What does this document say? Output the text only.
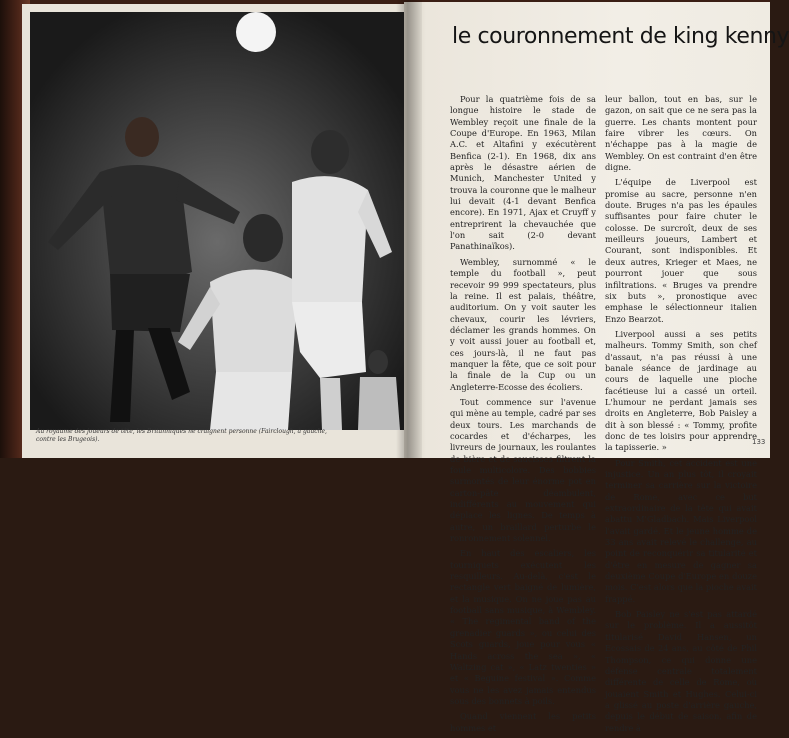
Au royaume des joueurs de tête, les Britanniques ne craignent personne (Fairclough, à gauche, contre les Brugeois).
le couronnement de king kenny

Pour la quatrième fois de sa longue histoire le stade de Wembley reçoit une finale de la Coupe d'Europe. En 1963, Milan A.C. et Altafini y exécutèrent Benfica (2-1). En 1968, dix ans après le désastre aérien de Munich, Manchester United y trouva la couronne que le malheur lui devait (4-1 devant Benfica encore). En 1971, Ajax et Cruyff y entreprirent la chevauchée que l'on sait (2-0 devant Panathinaïkos).

Wembley, surnommé « le temple du football », peut recevoir 99 999 spectateurs, plus la reine. Il est palais, théâtre, auditorium. On y voit sauter les chevaux, courir les lévriers, déclamer les grands hommes. On y voit aussi jouer au football et, ces jours-là, il ne faut pas manquer la fête, que ce soit pour la finale de la Cup ou un Angleterre-Ecosse des écoliers.

Tout commence sur l'avenue qui mène au temple, cadré par ses deux tours. Les marchands de cocardes et d'écharpes, les livreurs de journaux, les roulantes de bière et de saucisses filtrent la foule multicolore. Des bobbies surmontés de leur énorme pot en carton-pâte déambulent, indifférents au mouvement qui déplace les lignes. De temps à autre, un braillard perturbe le ronronnement solennel.

En haut des escaliers, les tourniquets exécutent les resquilleurs. Au-delà, c'est le rectangle vert baigné de lumière, et la musique. On ne joue pas au football sans musique, à Wembley. « The regimental band of the grenadier guards », ou celui des Scots guards, joue pour vous « Hands across the sea », « Waltzing cat », « Latz twenties » et « Beguine festival ». Comme vous ne les avez jamais entendus sous des bonnets à poils.

Quand viennent les petits hommes et

leur ballon, tout en bas, sur le gazon, on sait que ce ne sera pas la guerre. Les chants montent pour faire vibrer les cœurs. On n'échappe pas à la magie de Wembley. On est contraint d'en être digne.

L'équipe de Liverpool est promise au sacre, personne n'en doute. Bruges n'a pas les épaules suffisantes pour faire chuter le colosse. De surcroît, deux de ses meilleurs joueurs, Lambert et Courant, sont indisponibles. Et deux autres, Krieger et Maes, ne pourront jouer que sous infiltrations. « Bruges va prendre six buts », pronostique avec emphase le sélectionneur italien Enzo Bearzot.

Liverpool aussi a ses petits malheurs. Tommy Smith, son chef d'assaut, n'a pas réussi à une banale séance de jardinage au cours de laquelle une pioche facétieuse lui a cassé un orteil. L'humour ne perdant jamais ses droits en Angleterre, Bob Paisley a dit à son blessé : « Tommy, profite donc de tes loisirs pour apprendre la tapisserie. »

Pour Smith, cet accident est une injustice. Un an plus tôt, il croyait terminer sa carrière sur la victoire de Rome, avec ce but extraordinaire de la tête qui avait abattu M'Gladbach. Mais Liverpool l'avait gardé. Et le jeune homme de 33 ans avait relevé le challenge, au point de reconquérir sa titularité et d'être en mesure de gagner sa deuxième Coupe d'Europe en douze mois. C'est alors que la pioche avait frappé.

Bob Paisley ne s'est pas attardé sur le problème. Il a aussitôt titularisé David Hansen, un Ecossais de 24 ans, au côté de Phil Thompson, ce qui donne une défense centrale totalement différente de celle de Rome, où jouaient Smith et Hughes. Celui-ci a glissé au poste d'arrière gauche, depuis le début de saison, afin de rendre à

133
